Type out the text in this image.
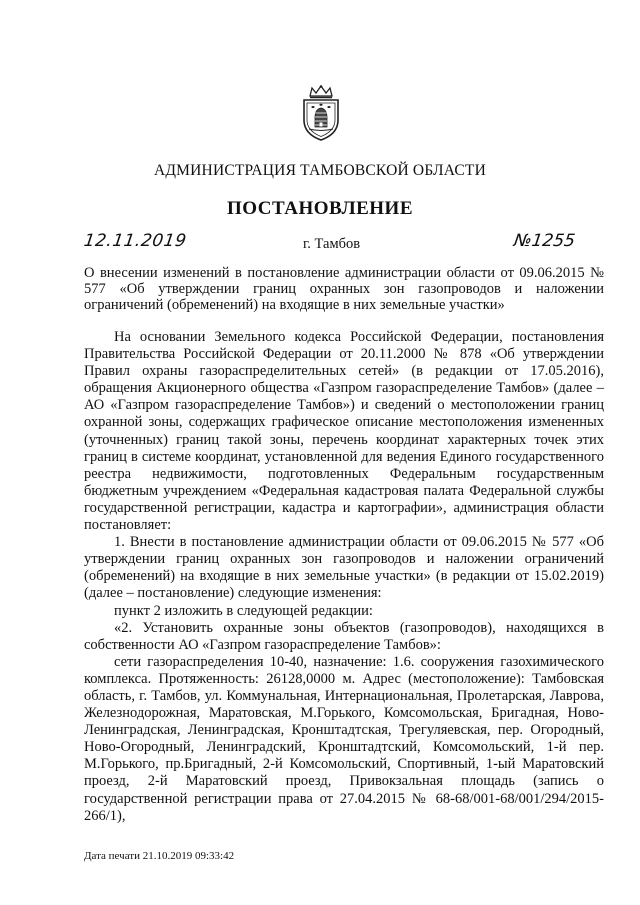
АДМИНИСТРАЦИЯ ТАМБОВСКОЙ ОБЛАСТИ
ПОСТАНОВЛЕНИЕ
12.11.2019	г. Тамбов	№1255
О внесении изменений в постановление администрации области от 09.06.2015 № 577 «Об утверждении границ охранных зон газопроводов и наложении ограничений (обременений) на входящие в них земельные участки»

На основании Земельного кодекса Российской Федерации, постановления Правительства Российской Федерации от 20.11.2000 № 878 «Об утверждении Правил охраны газораспределительных сетей» (в редакции от 17.05.2016), обращения Акционерного общества «Газпром газораспределение Тамбов» (далее – АО «Газпром газораспределение Тамбов») и сведений о местоположении границ охранной зоны, содержащих графическое описание местоположения измененных (уточненных) границ такой зоны, перечень координат характерных точек этих границ в системе координат, установленной для ведения Единого государственного реестра недвижимости, подготовленных Федеральным государственным бюджетным учреждением «Федеральная кадастровая палата Федеральной службы государственной регистрации, кадастра и картографии», администрация области постановляет:

1. Внести в постановление администрации области от 09.06.2015 № 577 «Об утверждении границ охранных зон газопроводов и наложении ограничений (обременений) на входящие в них земельные участки» (в редакции от 15.02.2019) (далее – постановление) следующие изменения:

пункт 2 изложить в следующей редакции:

«2. Установить охранные зоны объектов (газопроводов), находящихся в собственности АО «Газпром газораспределение Тамбов»:

сети газораспределения 10-40, назначение: 1.6. сооружения газохимического комплекса. Протяженность: 26128,0000 м. Адрес (местоположение): Тамбовская область, г. Тамбов, ул. Коммунальная, Интернациональная, Пролетарская, Лаврова, Железнодорожная, Маратовская, М.Горького, Комсомольская, Бригадная, Ново-Ленинградская, Ленинградская, Кронштадтская, Трегуляевская, пер. Огородный, Ново-Огородный, Ленинградский, Кронштадтский, Комсомольский, 1-й пер. М.Горького, пр.Бригадный, 2-й Комсомольский, Спортивный, 1-ый Маратовский проезд, 2-й Маратовский проезд, Привокзальная площадь (запись о государственной регистрации права от 27.04.2015 № 68-68/001-68/001/294/2015-266/1),

Дата печати 21.10.2019 09:33:42
